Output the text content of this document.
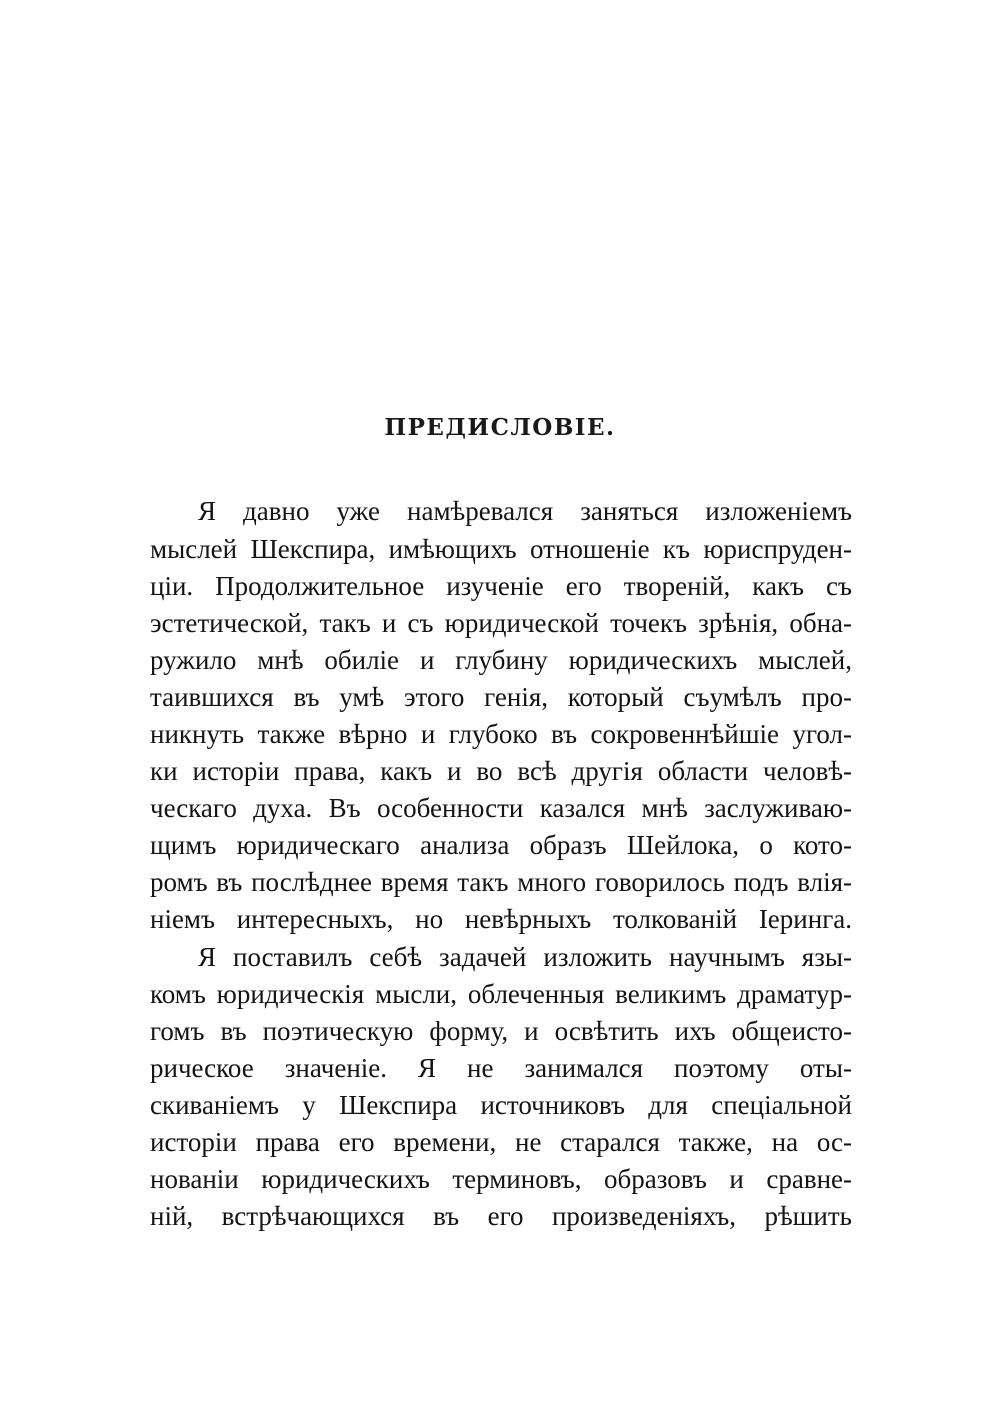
ПРЕДИСЛОВІЕ.
Я давно уже намѣревался заняться изложеніемъ
мыслей Шекспира, имѣющихъ отношеніе къ юриспруден-
ціи. Продолжительное изученіе его твореній, какъ съ
эстетической, такъ и съ юридической точекъ зрѣнія, обна-
ружило мнѣ обиліе и глубину юридическихъ мыслей,
таившихся въ умѣ этого генія, который съумѣлъ про-
никнуть также вѣрно и глубоко въ сокровеннѣйшіе угол-
ки исторіи права, какъ и во всѣ другія области человѣ-
ческаго духа. Въ особенности казался мнѣ заслуживаю-
щимъ юридическаго анализа образъ Шейлока, о кото-
ромъ въ послѣднее время такъ много говорилось подъ влія-
ніемъ интересныхъ, но невѣрныхъ толкованій Іеринга.
Я поставилъ себѣ задачей изложить научнымъ язы-
комъ юридическія мысли, облеченныя великимъ драматур-
гомъ въ поэтическую форму, и освѣтить ихъ общеисто-
рическое значеніе. Я не занимался поэтому оты-
скиваніемъ у Шекспира источниковъ для спеціальной
исторіи права его времени, не старался также, на ос-
нованіи юридическихъ терминовъ, образовъ и сравне-
ній, встрѣчающихся въ его произведеніяхъ, рѣшить
